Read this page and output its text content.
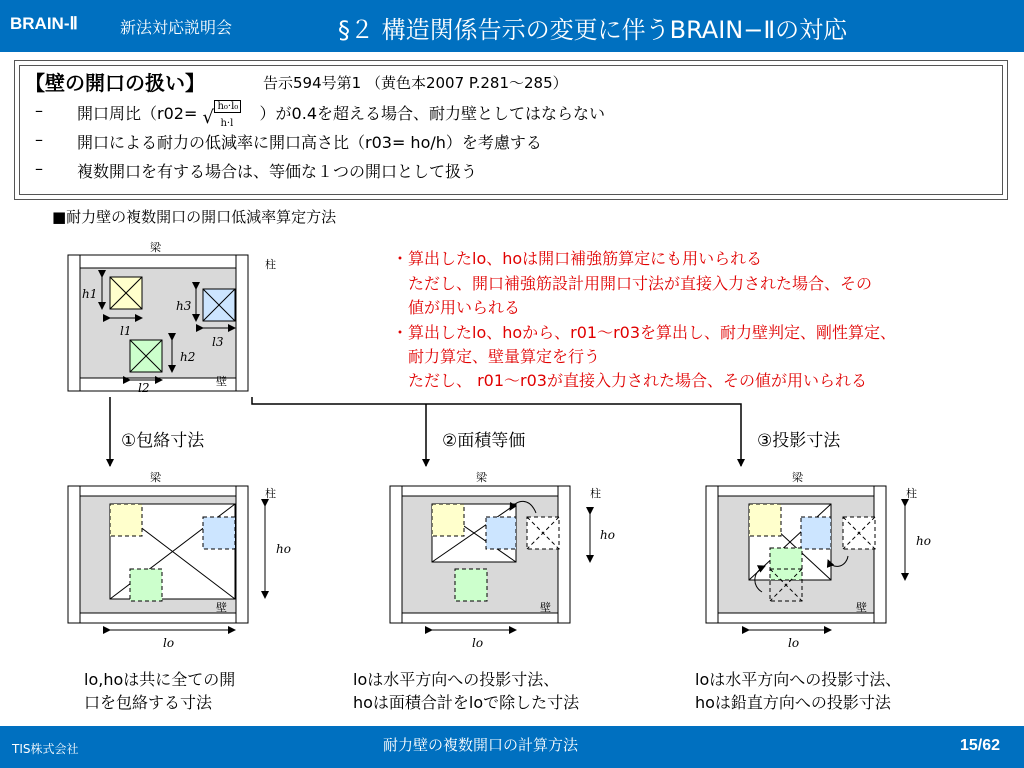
BRAIN-Ⅱ	新法対応説明会	§２ 構造関係告示の変更に伴うBRAIN−Ⅱの対応
【壁の開口の扱い】	告示594号第1 （黄色本2007 P.281〜285）
– 開口周比（r02= √
h₀·l₀
h·l ）が0.4を超える場合、耐力壁としてはならない
– 開口による耐力の低減率に開口高さ比（r03= ho/h）を考慮する
– 複数開口を有する場合は、等価な１つの開口として扱う
■耐力壁の複数開口の開口低減率算定方法
・算出したlo、hoは開口補強筋算定にも用いられる
　ただし、開口補強筋設計用開口寸法が直接入力された場合、その
　値が用いられる
・算出したlo、hoから、r01〜r03を算出し、耐力壁判定、剛性算定、
　耐力算定、壁量算定を行う
　ただし、 r01〜r03が直接入力された場合、その値が用いられる
梁
柱
壁
h1
l1
h3
l3
h2
l2
梁
柱
壁
ho
lo
梁
柱
壁
ho
lo
梁
柱
壁
ho
lo
①包絡寸法	②面積等価	③投影寸法
lo,hoは共に全ての開
口を包絡する寸法
loは水平方向への投影寸法、
hoは面積合計をloで除した寸法
loは水平方向への投影寸法、
hoは鉛直方向への投影寸法
TIS株式会社	耐力壁の複数開口の計算方法	15/62
